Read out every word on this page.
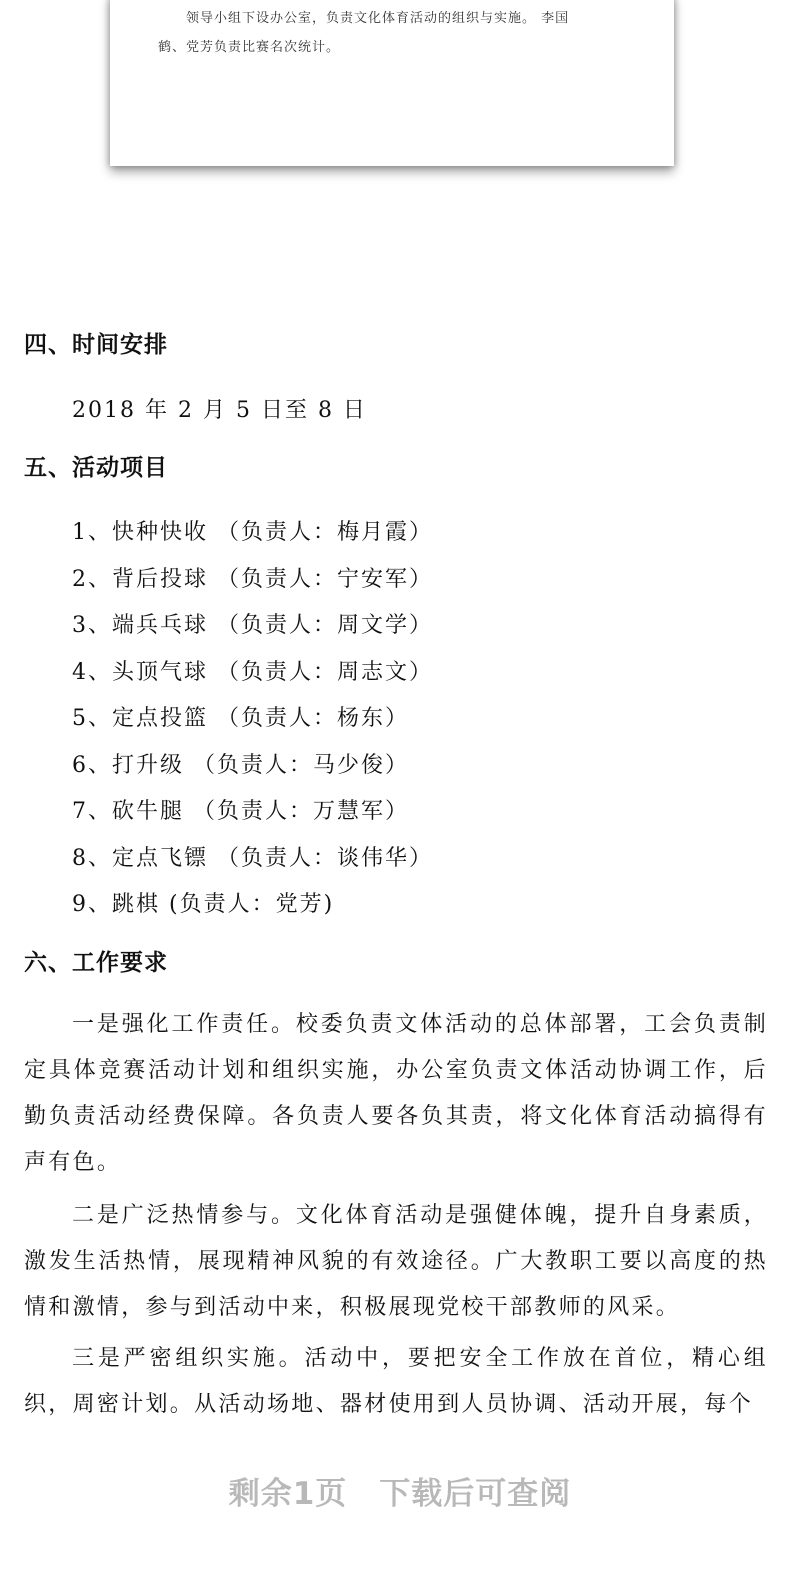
领导小组下设办公室，负责文化体育活动的组织与实施。 李国
鹤、党芳负责比赛名次统计。
四、时间安排
2018 年 2 月 5 日至 8 日
五、活动项目
1、快种快收 （负责人：梅月霞）
2、背后投球 （负责人：宁安军）
3、端兵乓球 （负责人：周文学）
4、头顶气球 （负责人：周志文）
5、定点投篮 （负责人：杨东）
6、打升级 （负责人：马少俊）
7、砍牛腿 （负责人：万慧军）
8、定点飞镖 （负责人：谈伟华）
9、跳棋 (负责人：党芳)
六、工作要求
一是强化工作责任。校委负责文体活动的总体部署，工会负责制定具体竞赛活动计划和组织实施，办公室负责文体活动协调工作，后勤负责活动经费保障。各负责人要各负其责，将文化体育活动搞得有声有色。
二是广泛热情参与。文化体育活动是强健体魄，提升自身素质，激发生活热情，展现精神风貌的有效途径。广大教职工要以高度的热情和激情，参与到活动中来，积极展现党校干部教师的风采。
三是严密组织实施。活动中，要把安全工作放在首位，精心组织，周密计划。从活动场地、器材使用到人员协调、活动开展，每个
剩余1页 下载后可查阅
